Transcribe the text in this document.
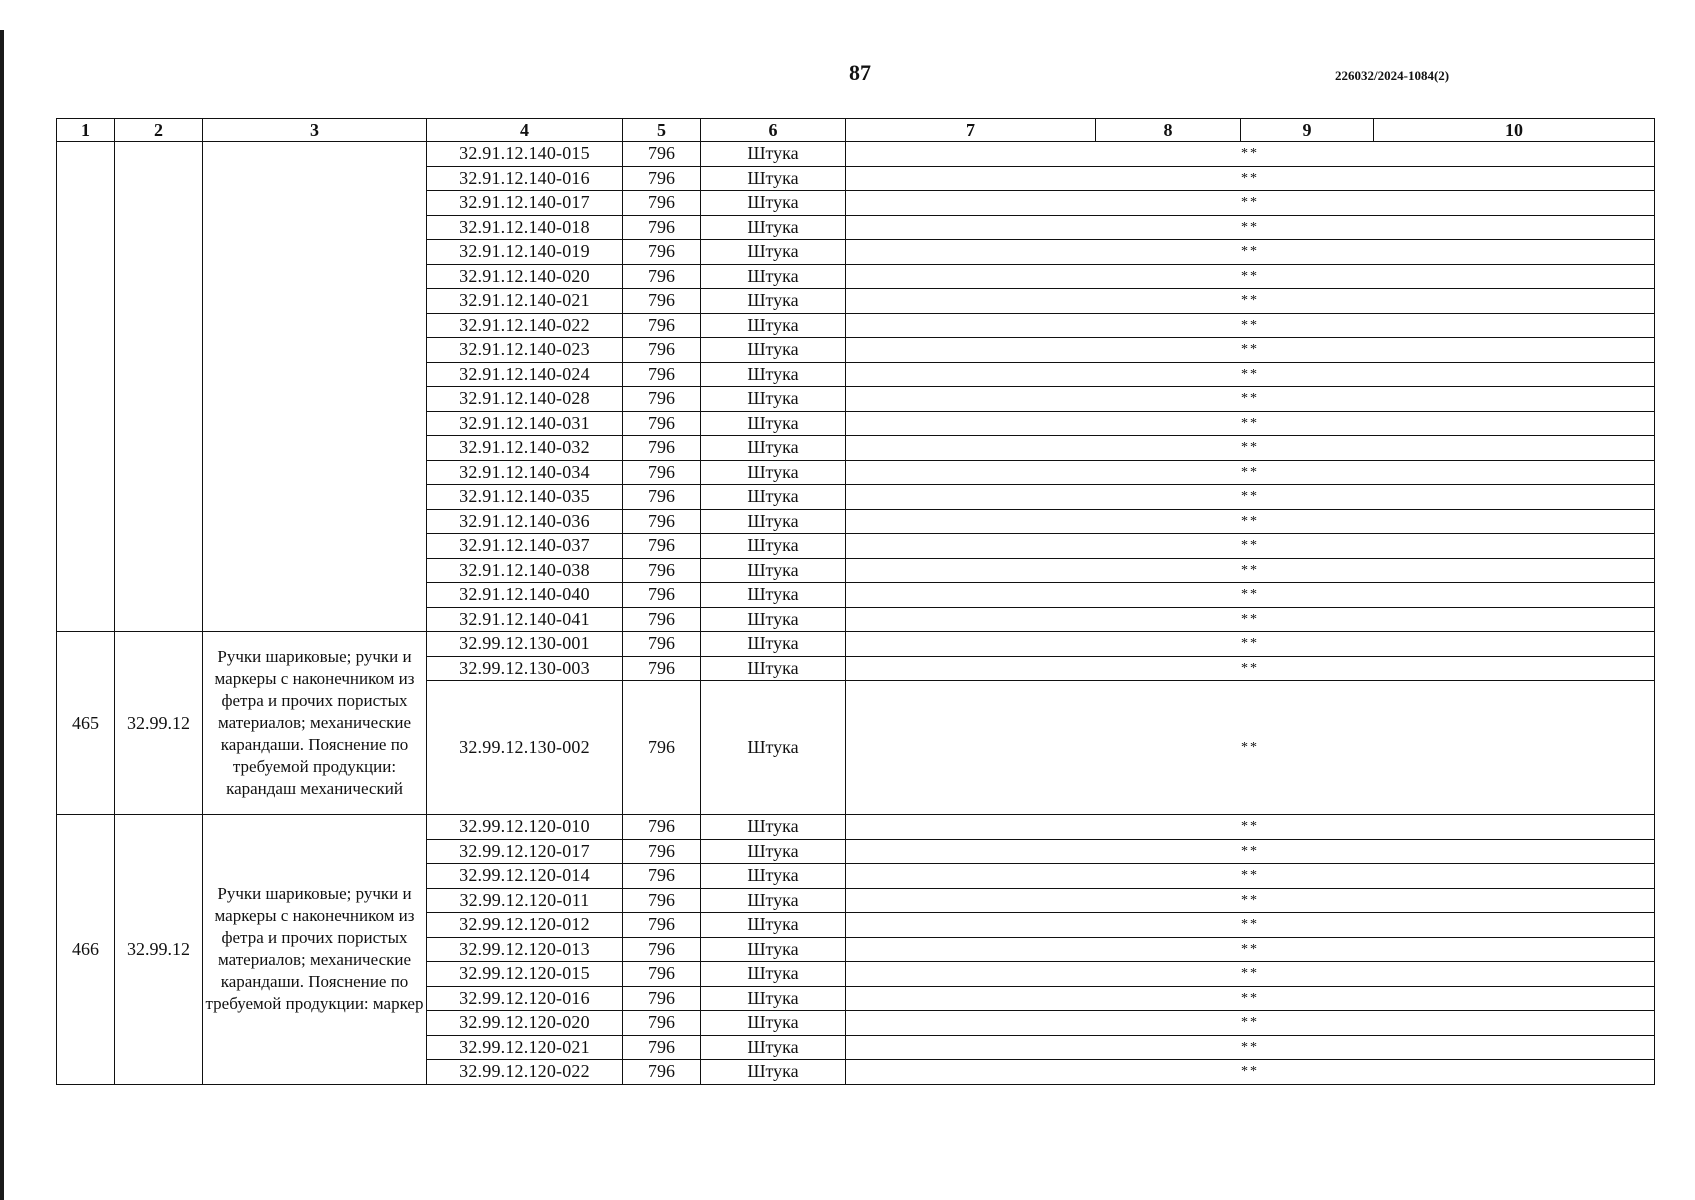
87	226032/2024-1084(2)
1	2	3	4	5	6	7	8	9	10
			32.91.12.140-015	796	Штука	**			
			32.91.12.140-016	796	Штука	**			
			32.91.12.140-017	796	Штука	**			
			32.91.12.140-018	796	Штука	**			
			32.91.12.140-019	796	Штука	**			
			32.91.12.140-020	796	Штука	**			
			32.91.12.140-021	796	Штука	**			
			32.91.12.140-022	796	Штука	**			
			32.91.12.140-023	796	Штука	**			
			32.91.12.140-024	796	Штука	**			
			32.91.12.140-028	796	Штука	**			
			32.91.12.140-031	796	Штука	**			
			32.91.12.140-032	796	Штука	**			
			32.91.12.140-034	796	Штука	**			
			32.91.12.140-035	796	Штука	**			
			32.91.12.140-036	796	Штука	**			
			32.91.12.140-037	796	Штука	**			
			32.91.12.140-038	796	Штука	**			
			32.91.12.140-040	796	Штука	**			
			32.91.12.140-041	796	Штука	**			
465	32.99.12	Ручки шариковые; ручки и маркеры с наконечником из фетра и прочих пористых материалов; механические карандаши. Пояснение по требуемой продукции: карандаш механический	32.99.12.130-001	796	Штука	**			
			32.99.12.130-003	796	Штука	**			
			32.99.12.130-002	796	Штука	**			
466	32.99.12	Ручки шариковые; ручки и маркеры с наконечником из фетра и прочих пористых материалов; механические карандаши. Пояснение по требуемой продукции: маркер	32.99.12.120-010	796	Штука	**			
			32.99.12.120-017	796	Штука	**			
			32.99.12.120-014	796	Штука	**			
			32.99.12.120-011	796	Штука	**			
			32.99.12.120-012	796	Штука	**			
			32.99.12.120-013	796	Штука	**			
			32.99.12.120-015	796	Штука	**			
			32.99.12.120-016	796	Штука	**			
			32.99.12.120-020	796	Штука	**			
			32.99.12.120-021	796	Штука	**			
			32.99.12.120-022	796	Штука	**			
